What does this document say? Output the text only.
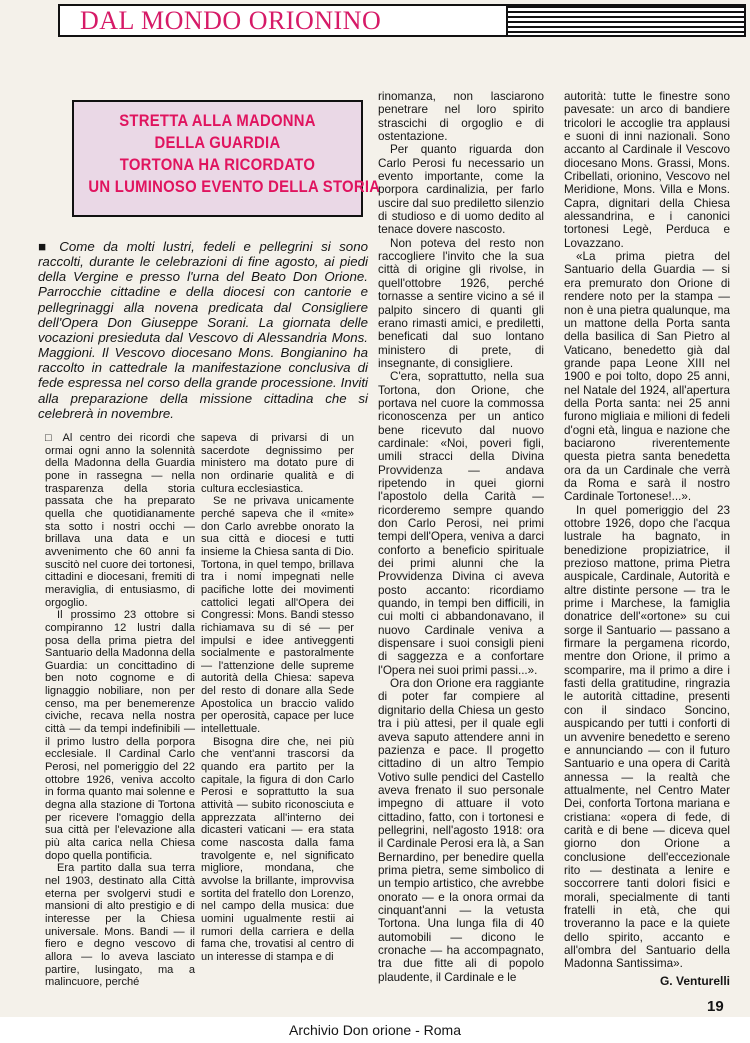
DAL MONDO ORIONINO
STRETTA ALLA MADONNA
DELLA GUARDIA
TORTONA HA RICORDATO
UN LUMINOSO EVENTO DELLA STORIA
■ Come da molti lustri, fedeli e pellegrini si sono raccolti, durante le celebrazioni di fine agosto, ai piedi della Vergine e presso l'urna del Beato Don Orione. Parrocchie cittadine e della diocesi con cantorie e pellegrinaggi alla novena predicata dal Consigliere dell'Opera Don Giuseppe Sorani. La giornata delle vocazioni presieduta dal Vescovo di Alessandria Mons. Maggioni. Il Vescovo diocesano Mons. Bongianino ha raccolto in cattedrale la manifestazione conclusiva di fede espressa nel corso della grande processione. Inviti alla preparazione della missione cittadina che si celebrerà in novembre.

□ Al centro dei ricordi che ormai ogni anno la solennità della Madonna della Guardia pone in rassegna — nella trasparenza della storia passata che ha preparato quella che quotidianamente sta sotto i nostri occhi — brillava una data e un avvenimento che 60 anni fa suscitò nel cuore dei tortonesi, cittadini e diocesani, fremiti di meraviglia, di entusiasmo, di orgoglio.

Il prossimo 23 ottobre si compiranno 12 lustri dalla posa della prima pietra del Santuario della Madonna della Guardia: un concittadino di ben noto cognome e di lignaggio nobiliare, non per censo, ma per benemerenze civiche, recava nella nostra città — da tempi indefinibili — il primo lustro della porpora ecclesiale. Il Cardinal Carlo Perosi, nel pomeriggio del 22 ottobre 1926, veniva accolto in forma quanto mai solenne e degna alla stazione di Tortona per ricevere l'omaggio della sua città per l'elevazione alla più alta carica nella Chiesa dopo quella pontificia.

Era partito dalla sua terra nel 1903, destinato alla Città eterna per svolgervi studi e mansioni di alto prestigio e di interesse per la Chiesa universale. Mons. Bandi — il fiero e degno vescovo di allora — lo aveva lasciato partire, lusingato, ma a malincuore, perché

sapeva di privarsi di un sacerdote degnissimo per ministero ma dotato pure di non ordinarie qualità e di cultura ecclesiastica.

Se ne privava unicamente perché sapeva che il «mite» don Carlo avrebbe onorato la sua città e diocesi e tutti insieme la Chiesa santa di Dio. Tortona, in quel tempo, brillava tra i nomi impegnati nelle pacifiche lotte dei movimenti cattolici legati all'Opera dei Congressi: Mons. Bandi stesso richiamava su di sé — per impulsi e idee antiveggenti socialmente e pastoralmente — l'attenzione delle supreme autorità della Chiesa: sapeva del resto di donare alla Sede Apostolica un braccio valido per operosità, capace per luce intellettuale.

Bisogna dire che, nei più che vent'anni trascorsi da quando era partito per la capitale, la figura di don Carlo Perosi e soprattutto la sua attività — subito riconosciuta e apprezzata all'interno dei dicasteri vaticani — era stata come nascosta dalla fama travolgente e, nel significato migliore, mondana, che avvolse la brillante, improvvisa sortita del fratello don Lorenzo, nel campo della musica: due uomini ugualmente restii ai rumori della carriera e della fama che, trovatisi al centro di un interesse di stampa e di

rinomanza, non lasciarono penetrare nel loro spirito strascichi di orgoglio e di ostentazione.

Per quanto riguarda don Carlo Perosi fu necessario un evento importante, come la porpora cardinalizia, per farlo uscire dal suo prediletto silenzio di studioso e di uomo dedito al tenace dovere nascosto.

Non poteva del resto non raccogliere l'invito che la sua città di origine gli rivolse, in quell'ottobre 1926, perché tornasse a sentire vicino a sé il palpito sincero di quanti gli erano rimasti amici, e prediletti, beneficati dal suo lontano ministero di prete, di insegnante, di consigliere.

C'era, soprattutto, nella sua Tortona, don Orione, che portava nel cuore la commossa riconoscenza per un antico bene ricevuto dal nuovo cardinale: «Noi, poveri figli, umili stracci della Divina Provvidenza — andava ripetendo in quei giorni l'apostolo della Carità — ricorderemo sempre quando don Carlo Perosi, nei primi tempi dell'Opera, veniva a darci conforto a beneficio spirituale dei primi alunni che la Provvidenza Divina ci aveva posto accanto: ricordiamo quando, in tempi ben difficili, in cui molti ci abbandonavano, il nuovo Cardinale veniva a dispensare i suoi consigli pieni di saggezza e a confortare l'Opera nei suoi primi passi...».

Ora don Orione era raggiante di poter far compiere al dignitario della Chiesa un gesto tra i più attesi, per il quale egli aveva saputo attendere anni in pazienza e pace. Il progetto cittadino di un altro Tempio Votivo sulle pendici del Castello aveva frenato il suo personale impegno di attuare il voto cittadino, fatto, con i tortonesi e pellegrini, nell'agosto 1918: ora il Cardinale Perosi era là, a San Bernardino, per benedire quella prima pietra, seme simbolico di un tempio artistico, che avrebbe onorato — e la onora ormai da cinquant'anni — la vetusta Tortona. Una lunga fila di 40 automobili — dicono le cronache — ha accompagnato, tra due fitte ali di popolo plaudente, il Cardinale e le

autorità: tutte le finestre sono pavesate: un arco di bandiere tricolori le accoglie tra applausi e suoni di inni nazionali. Sono accanto al Cardinale il Vescovo diocesano Mons. Grassi, Mons. Cribellati, orionino, Vescovo nel Meridione, Mons. Villa e Mons. Capra, dignitari della Chiesa alessandrina, e i canonici tortonesi Legè, Perduca e Lovazzano.

«La prima pietra del Santuario della Guardia — si era premurato don Orione di rendere noto per la stampa — non è una pietra qualunque, ma un mattone della Porta santa della basilica di San Pietro al Vaticano, benedetto già dal grande papa Leone XIII nel 1900 e poi tolto, dopo 25 anni, nel Natale del 1924, all'apertura della Porta santa: nei 25 anni furono migliaia e milioni di fedeli d'ogni età, lingua e nazione che baciarono riverentemente questa pietra santa benedetta ora da un Cardinale che verrà da Roma e sarà il nostro Cardinale Tortonese!...».

In quel pomeriggio del 23 ottobre 1926, dopo che l'acqua lustrale ha bagnato, in benedizione propiziatrice, il prezioso mattone, prima Pietra auspicale, Cardinale, Autorità e altre distinte persone — tra le prime i Marchese, la famiglia donatrice dell'«ortone» su cui sorge il Santuario — passano a firmare la pergamena ricordo, mentre don Orione, il primo a scomparire, ma il primo a dire i fasti della gratitudine, ringrazia le autorità cittadine, presenti con il sindaco Soncino, auspicando per tutti i conforti di un avvenire benedetto e sereno e annunciando — con il futuro Santuario e una opera di Carità annessa — la realtà che attualmente, nel Centro Mater Dei, conforta Tortona mariana e cristiana: «opera di fede, di carità e di bene — diceva quel giorno don Orione a conclusione dell'eccezionale rito — destinata a lenire e soccorrere tanti dolori fisici e morali, specialmente di tanti fratelli in età, che qui troveranno la pace e la quiete dello spirito, accanto e all'ombra del Santuario della Madonna Santissima».

G. Venturelli

19
Archivio Don orione - Roma
